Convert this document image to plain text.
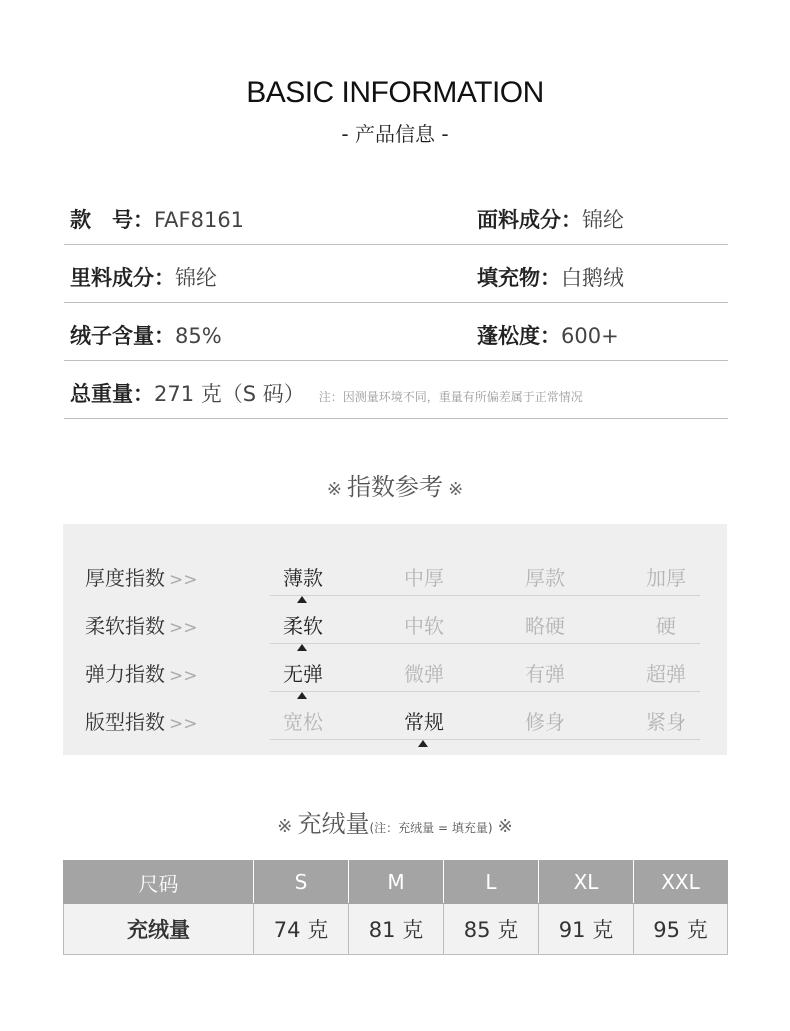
BASIC INFORMATION
- 产品信息 -
款　号：FAF8161	面料成分：锦纶
里料成分：锦纶	填充物：白鹅绒
绒子含量：85%	蓬松度：600+
总重量：271 克（S 码） 注：因测量环境不同，重量有所偏差属于正常情况
※ 指数参考 ※
厚度指数 >>	薄款	中厚	厚款	加厚
柔软指数 >>	柔软	中软	略硬	硬
弹力指数 >>	无弹	微弹	有弹	超弹
版型指数 >>	宽松	常规	修身	紧身
※ 充绒量(注：充绒量 = 填充量) ※
尺码	S	M	L	XL	XXL
充绒量	74 克	81 克	85 克	91 克	95 克
